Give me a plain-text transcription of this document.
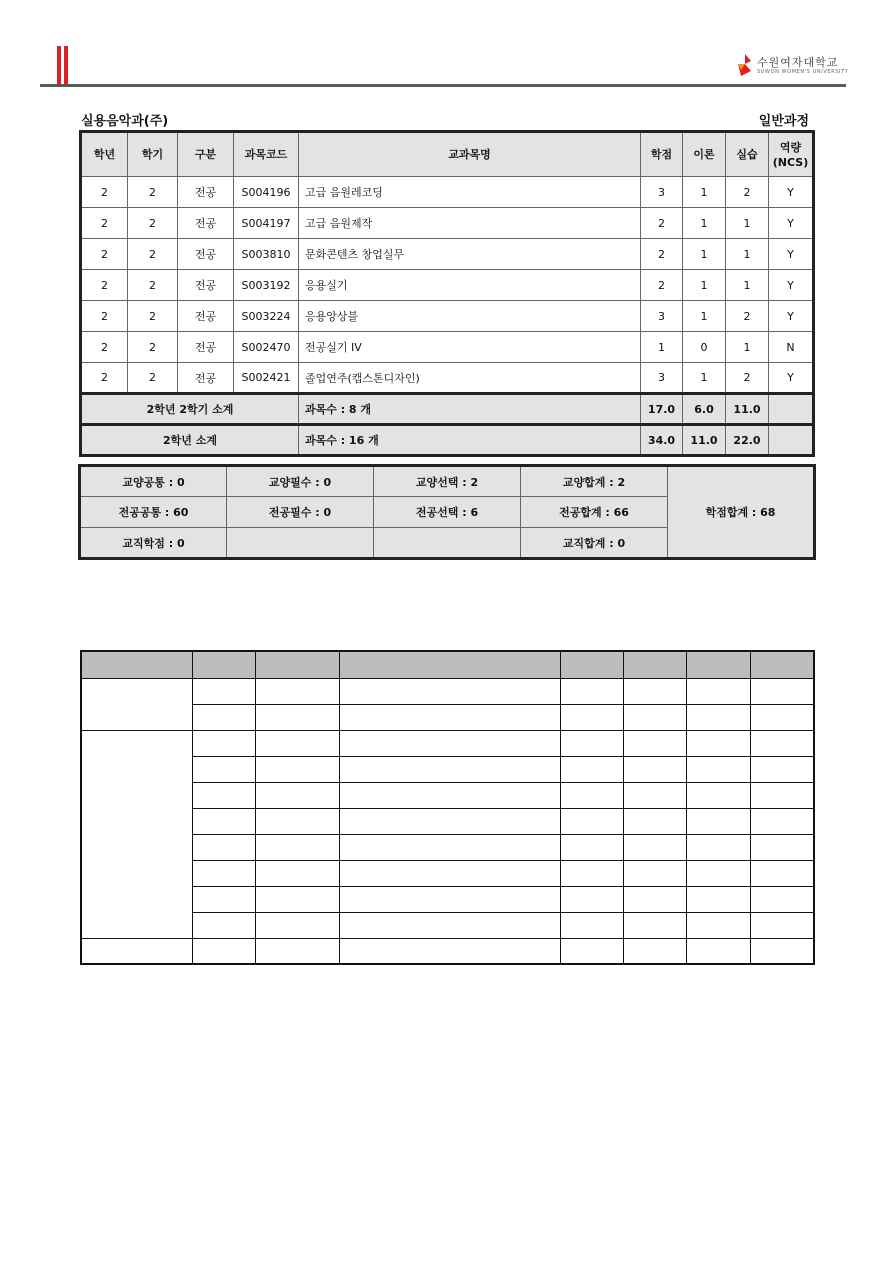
수원여자대학교
SUWON WOMEN'S UNIVERSITY
실용음악과(주)	일반과정
학년	학기	구분	과목코드	교과목명	학점	이론	실습	역량
(NCS)
2	2	전공	S004196	고급 음원레코딩	3	1	2	Y
2	2	전공	S004197	고급 음원제작	2	1	1	Y
2	2	전공	S003810	문화콘텐츠 창업실무	2	1	1	Y
2	2	전공	S003192	응용실기	2	1	1	Y
2	2	전공	S003224	응용앙상블	3	1	2	Y
2	2	전공	S002470	전공실기 IV	1	0	1	N
2	2	전공	S002421	졸업연주(캡스톤디자인)	3	1	2	Y
2학년 2학기 소계				과목수 : 8 개	17.0	6.0	11.0	
2학년 소계				과목수 : 16 개	34.0	11.0	22.0	
교양공통 : 0	교양필수 : 0	교양선택 : 2	교양합계 : 2	학점합계 : 68
전공공통 : 60	전공필수 : 0	전공선택 : 6	전공합계 : 66	
교직학점 : 0			교직합계 : 0	
